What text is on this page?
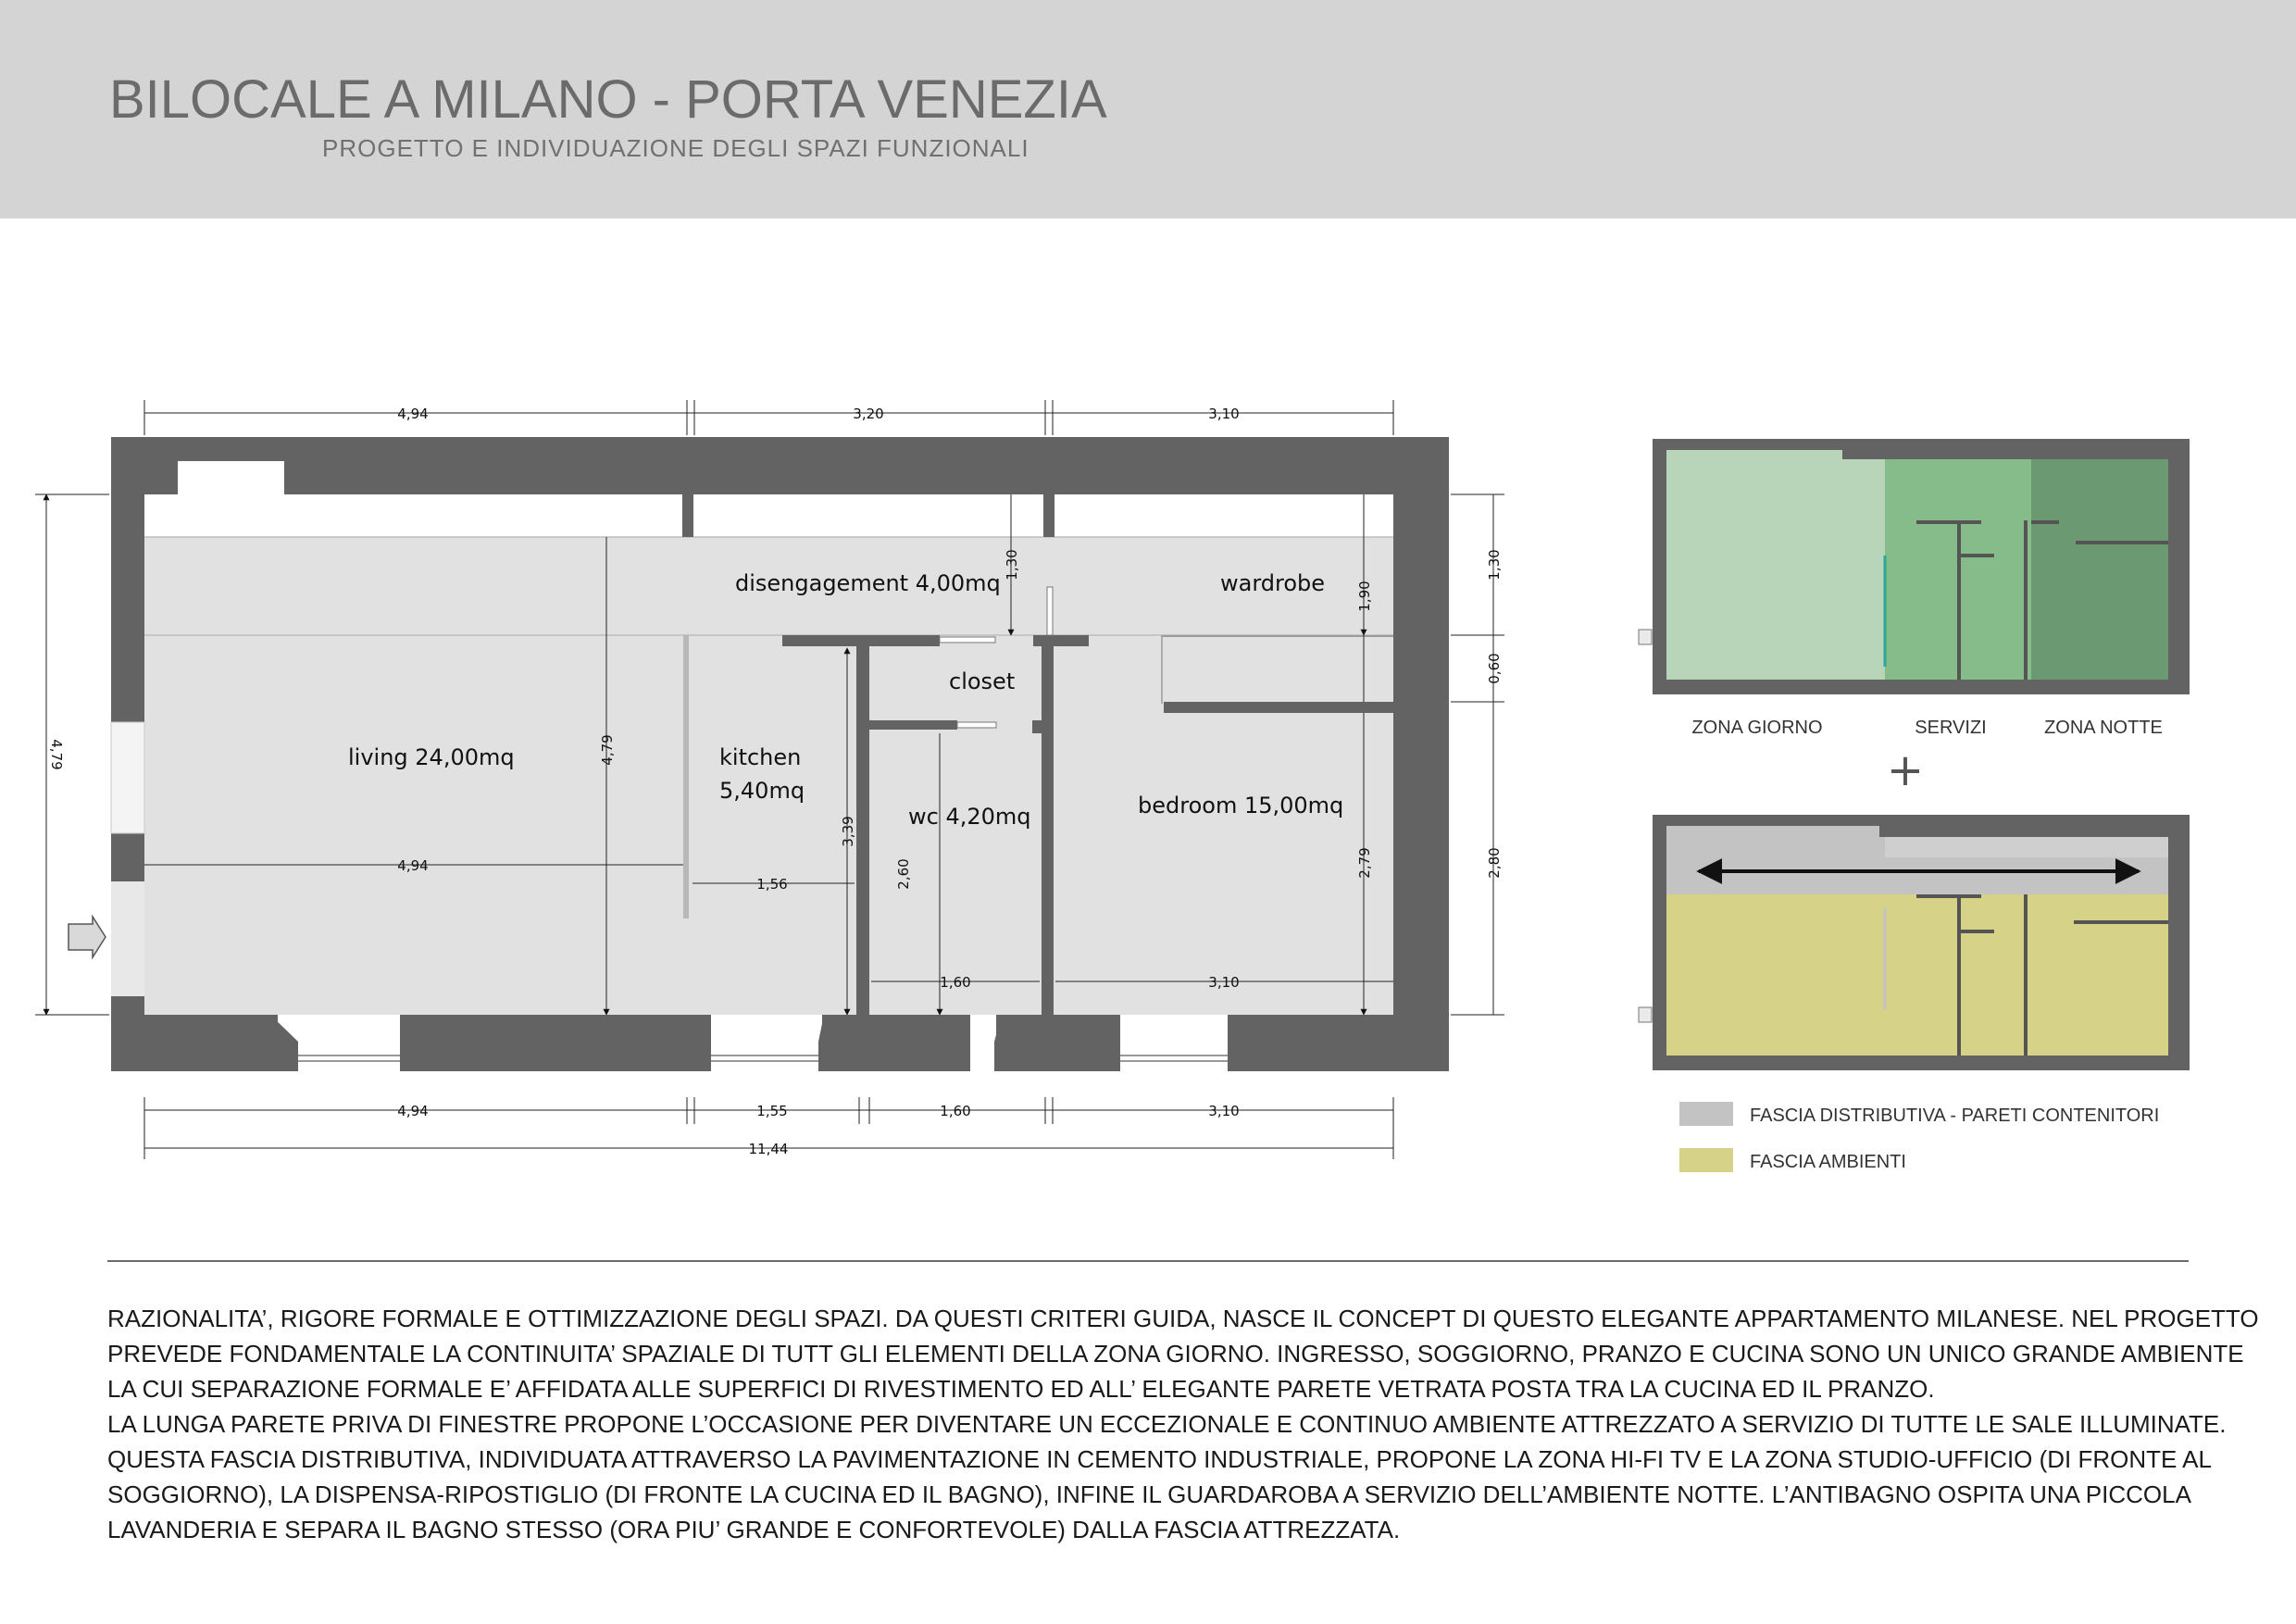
BILOCALE A MILANO - PORTA VENEZIA
PROGETTO E INDIVIDUAZIONE DEGLI SPAZI FUNZIONALI
4,94	3,20	3,10
4,79
1,30
0,60
2,80
1,30
1,90
4,79
4,94
1,56
3,39
2,60
1,60
2,79
3,10
4,94	1,55	1,60	3,10
11,44
disengagement 4,00mq	wardrobe
closet
living 24,00mq	kitchen
5,40mq
wc 4,20mq	bedroom 15,00mq
ZONA GIORNO	SERVIZI	ZONA NOTTE
+
FASCIA DISTRIBUTIVA - PARETI CONTENITORI
FASCIA AMBIENTI

RAZIONALITA’, RIGORE FORMALE E OTTIMIZZAZIONE DEGLI SPAZI. DA QUESTI CRITERI GUIDA, NASCE IL CONCEPT DI QUESTO ELEGANTE APPARTAMENTO MILANESE. NEL PROGETTO

PREVEDE FONDAMENTALE LA CONTINUITA’ SPAZIALE DI TUTT GLI ELEMENTI DELLA ZONA GIORNO. INGRESSO, SOGGIORNO, PRANZO E CUCINA SONO UN UNICO GRANDE AMBIENTE

LA CUI SEPARAZIONE FORMALE E’ AFFIDATA ALLE SUPERFICI DI RIVESTIMENTO ED ALL’ ELEGANTE PARETE VETRATA POSTA TRA LA CUCINA ED IL PRANZO.

LA LUNGA PARETE PRIVA DI FINESTRE PROPONE L’OCCASIONE PER DIVENTARE UN ECCEZIONALE E CONTINUO AMBIENTE ATTREZZATO A SERVIZIO DI TUTTE LE SALE ILLUMINATE.

QUESTA FASCIA DISTRIBUTIVA, INDIVIDUATA ATTRAVERSO LA PAVIMENTAZIONE IN CEMENTO INDUSTRIALE, PROPONE LA ZONA HI-FI TV E LA ZONA STUDIO-UFFICIO (DI FRONTE AL

SOGGIORNO), LA DISPENSA-RIPOSTIGLIO (DI FRONTE LA CUCINA ED IL BAGNO), INFINE IL GUARDAROBA A SERVIZIO DELL’AMBIENTE NOTTE. L’ANTIBAGNO OSPITA UNA PICCOLA

LAVANDERIA E SEPARA IL BAGNO STESSO (ORA PIU’ GRANDE E CONFORTEVOLE) DALLA FASCIA ATTREZZATA.
